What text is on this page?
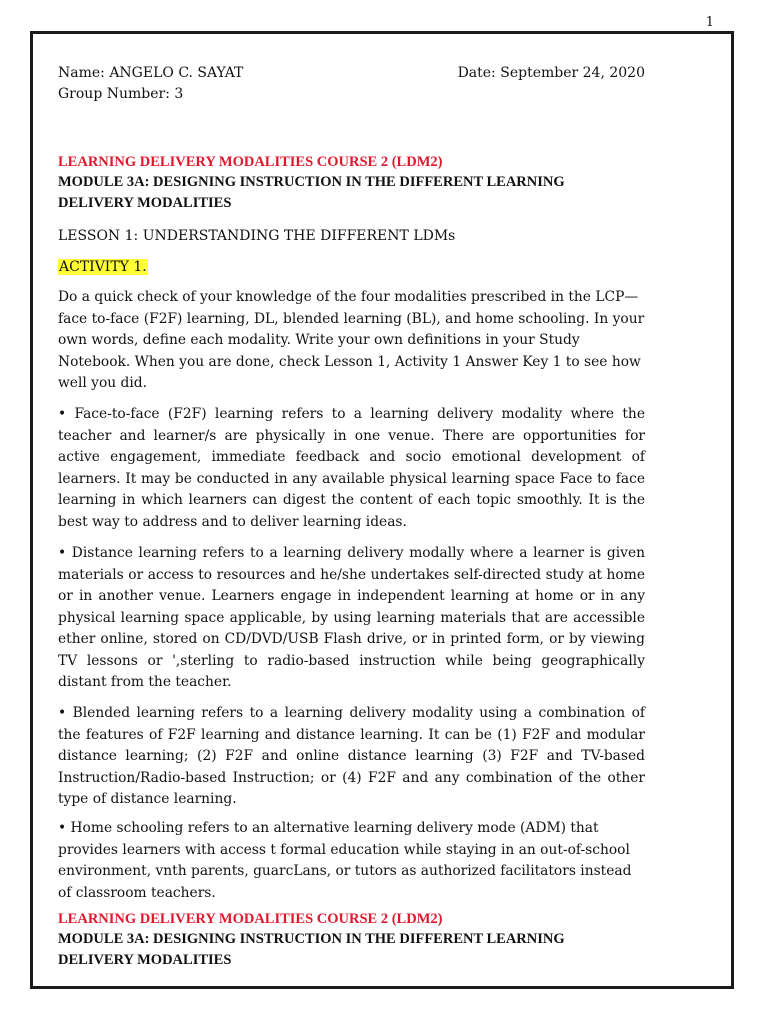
1
Name: ANGELO C. SAYAT
Group Number: 3
Date: September 24, 2020
LEARNING DELIVERY MODALITIES COURSE 2 (LDM2)
MODULE 3A: DESIGNING INSTRUCTION IN THE DIFFERENT LEARNING
DELIVERY MODALITIES
LESSON 1: UNDERSTANDING THE DIFFERENT LDMs
ACTIVITY 1.

Do a quick check of your knowledge of the four modalities prescribed in the LCP—face to-face (F2F) learning, DL, blended learning (BL), and home schooling. In your own words, define each modality. Write your own definitions in your Study Notebook. When you are done, check Lesson 1, Activity 1 Answer Key 1 to see how well you did.

• Face-to-face (F2F) learning refers to a learning delivery modality where the teacher and learner/s are physically in one venue. There are opportunities for active engagement, immediate feedback and socio emotional development of learners. It may be conducted in any available physical learning space Face to face learning in which learners can digest the content of each topic smoothly. It is the best way to address and to deliver learning ideas.

• Distance learning refers to a learning delivery modally where a learner is given materials or access to resources and he/she undertakes self-directed study at home or in another venue. Learners engage in independent learning at home or in any physical learning space applicable, by using learning materials that are accessible ether online, stored on CD/DVD/USB Flash drive, or in printed form, or by viewing TV lessons or ',sterling to radio-based instruction while being geographically distant from the teacher.

• Blended learning refers to a learning delivery modality using a combination of the features of F2F learning and distance learning. It can be (1) F2F and modular distance learning; (2) F2F and online distance learning (3) F2F and TV-based Instruction/Radio-based Instruction; or (4) F2F and any combination of the other type of distance learning.

• Home schooling refers to an alternative learning delivery mode (ADM) that provides learners with access t formal education while staying in an out-of-school environment, vnth parents, guarcLans, or tutors as authorized facilitators instead of classroom teachers.

LEARNING DELIVERY MODALITIES COURSE 2 (LDM2)
MODULE 3A: DESIGNING INSTRUCTION IN THE DIFFERENT LEARNING
DELIVERY MODALITIES
